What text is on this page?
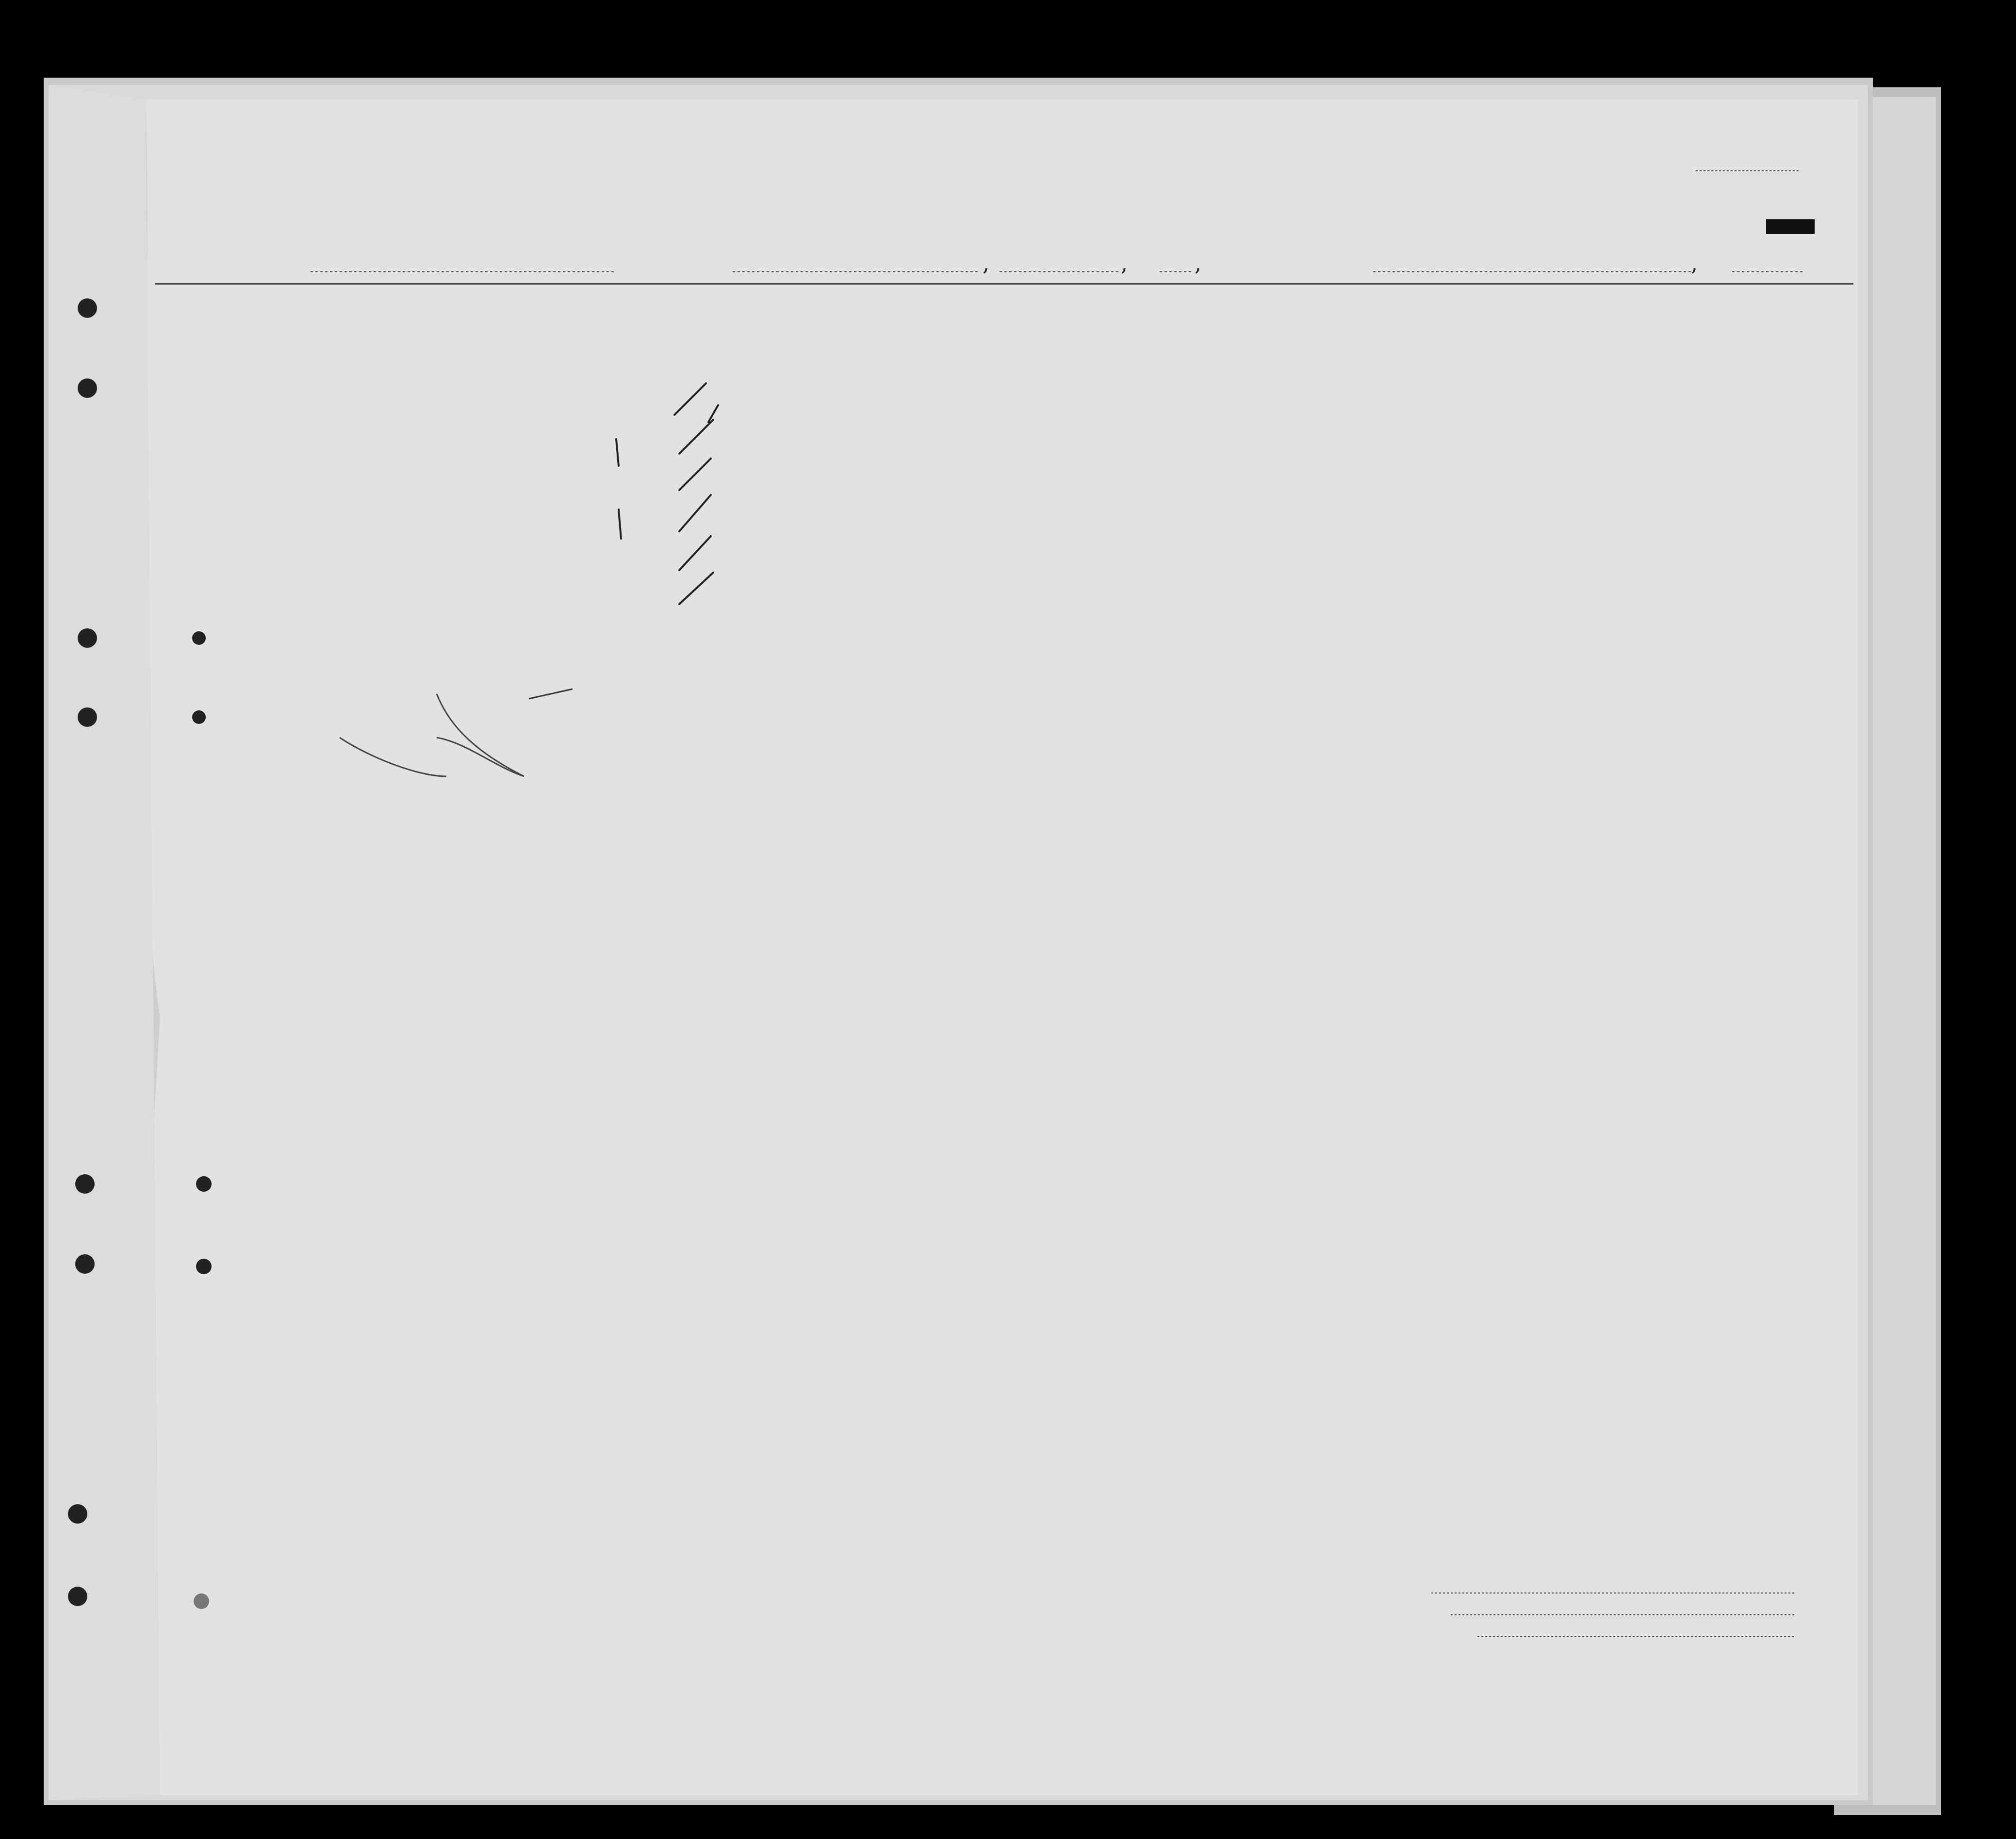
,	,	,	,
